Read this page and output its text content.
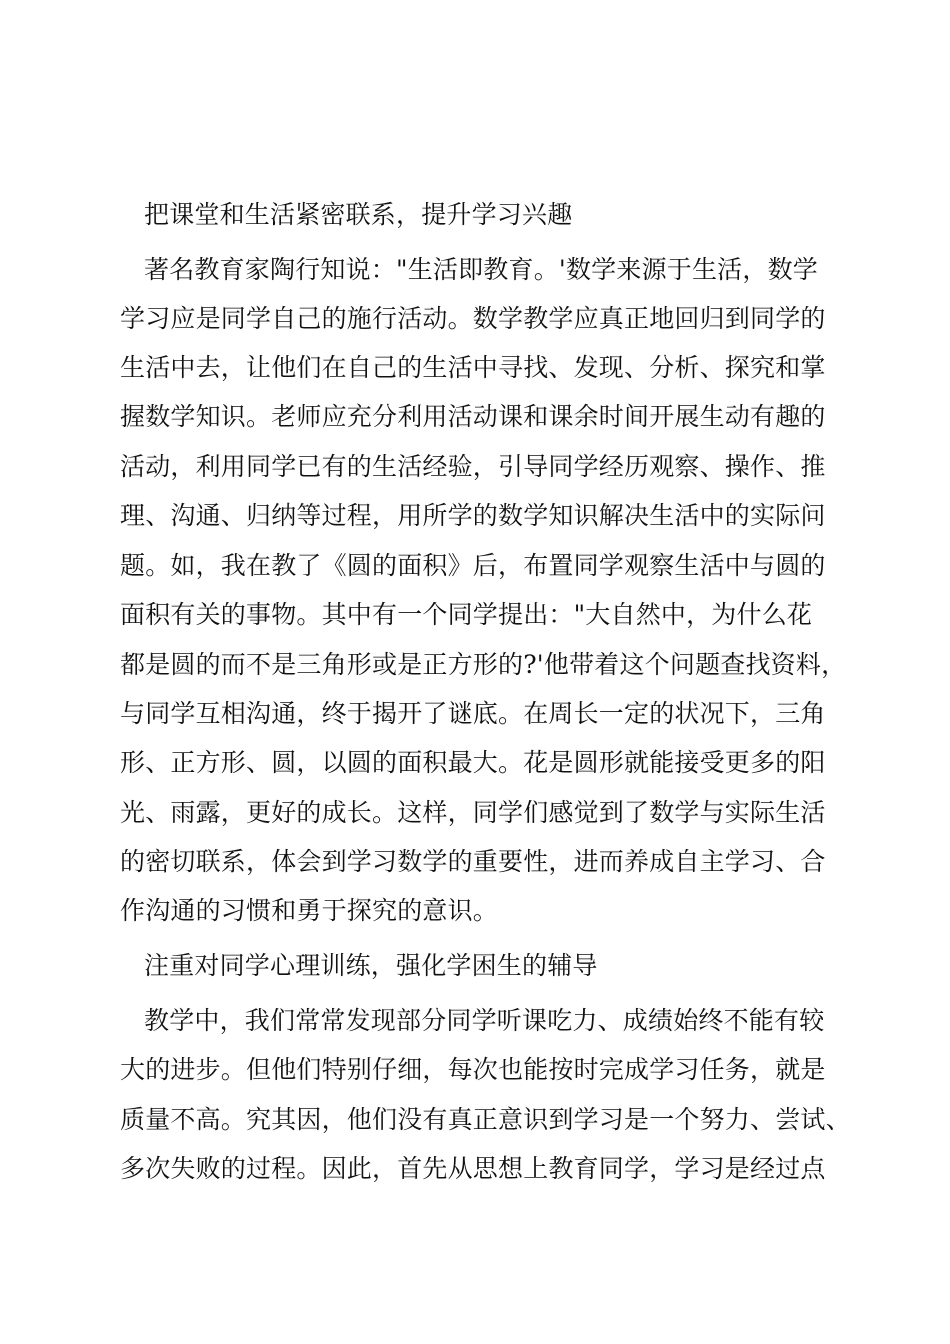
把课堂和生活紧密联系，提升学习兴趣
著名教育家陶行知说："生活即教育。'数学来源于生活，数学
学习应是同学自己的施行活动。数学教学应真正地回归到同学的
生活中去，让他们在自己的生活中寻找、发现、分析、探究和掌
握数学知识。老师应充分利用活动课和课余时间开展生动有趣的
活动，利用同学已有的生活经验，引导同学经历观察、操作、推
理、沟通、归纳等过程，用所学的数学知识解决生活中的实际问
题。如，我在教了《圆的面积》后，布置同学观察生活中与圆的
面积有关的事物。其中有一个同学提出："大自然中，为什么花
都是圆的而不是三角形或是正方形的?'他带着这个问题查找资料，
与同学互相沟通，终于揭开了谜底。在周长一定的状况下，三角
形、正方形、圆，以圆的面积最大。花是圆形就能接受更多的阳
光、雨露，更好的成长。这样，同学们感觉到了数学与实际生活
的密切联系，体会到学习数学的重要性，进而养成自主学习、合
作沟通的习惯和勇于探究的意识。
注重对同学心理训练，强化学困生的辅导
教学中，我们常常发现部分同学听课吃力、成绩始终不能有较
大的进步。但他们特别仔细，每次也能按时完成学习任务，就是
质量不高。究其因，他们没有真正意识到学习是一个努力、尝试、
多次失败的过程。因此，首先从思想上教育同学，学习是经过点
